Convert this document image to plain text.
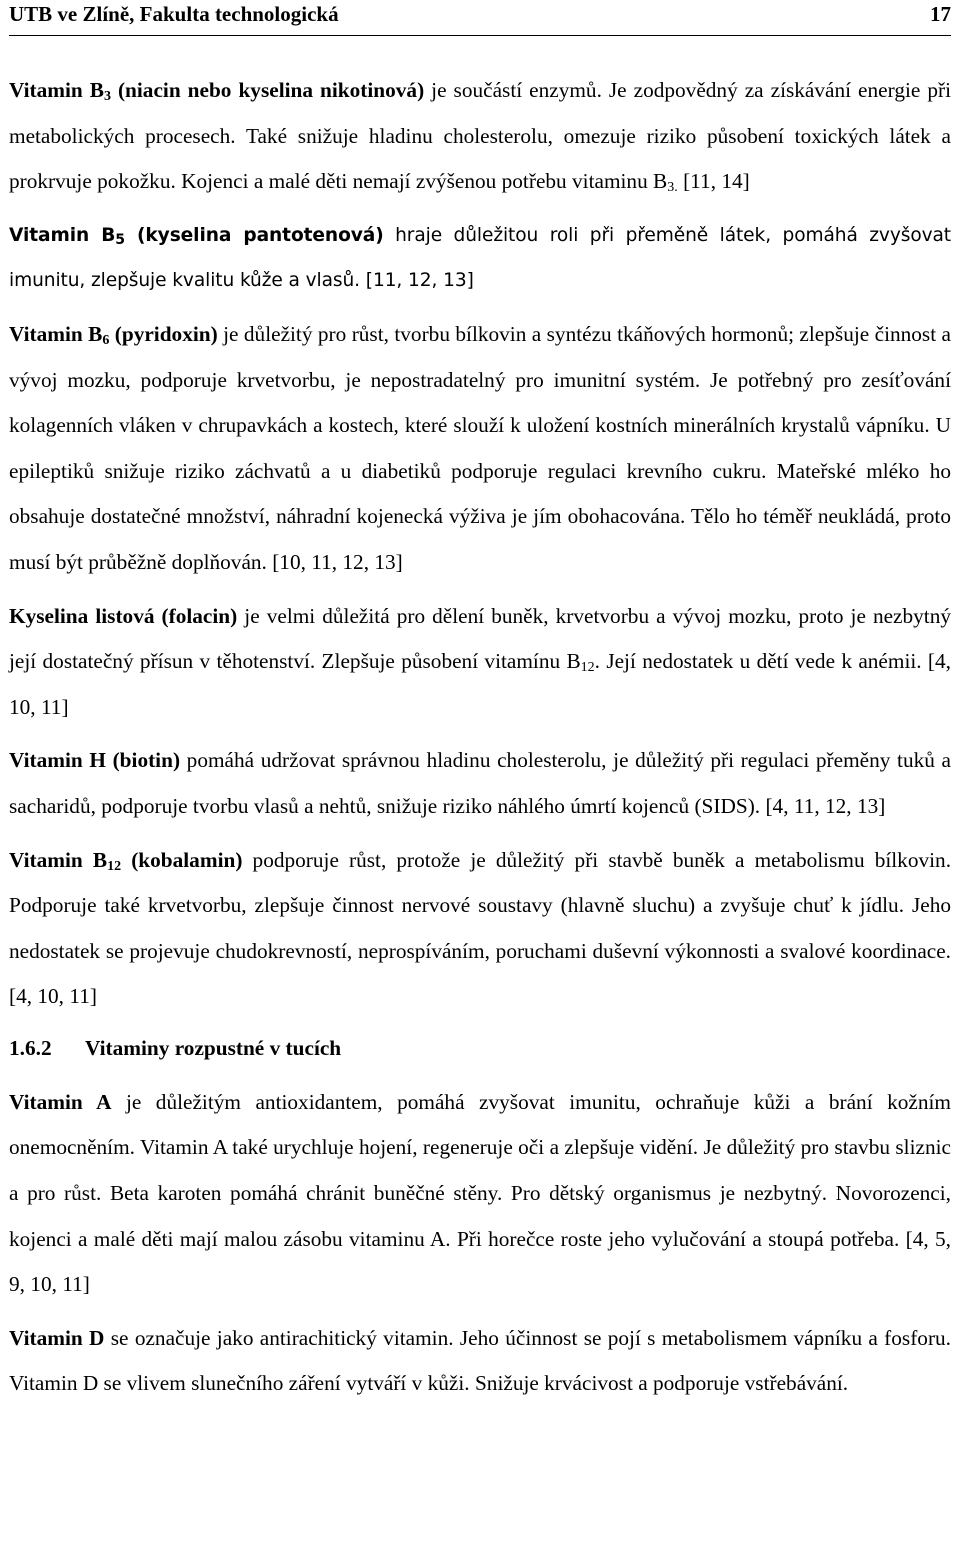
UTB ve Zlíně, Fakulta technologická	17

Vitamin $B_3$ (niacin nebo kyselina nikotinová) je součástí enzymů. Je zodpovědný za získávání energie při metabolických procesech. Také snižuje hladinu cholesterolu, omezuje riziko působení toxických látek a prokrvuje pokožku. Kojenci a malé děti nemají zvýšenou potřebu vitaminu $B_{3.}$ [11, 14]

Vitamin $B_5$ (kyselina pantotenová) hraje důležitou roli při přeměně látek, pomáhá zvyšovat imunitu, zlepšuje kvalitu kůže a vlasů. [11, 12, 13]

Vitamin $B_6$ (pyridoxin) je důležitý pro růst, tvorbu bílkovin a syntézu tkáňových hormonů; zlepšuje činnost a vývoj mozku, podporuje krvetvorbu, je nepostradatelný pro imunitní systém. Je potřebný pro zesíťování kolagenních vláken v chrupavkách a kostech, které slouží k uložení kostních minerálních krystalů vápníku. U epileptiků snižuje riziko záchvatů a u diabetiků podporuje regulaci krevního cukru. Mateřské mléko ho obsahuje dostatečné množství, náhradní kojenecká výživa je jím obohacována. Tělo ho téměř neukládá, proto musí být průběžně doplňován. [10, 11, 12, 13]

Kyselina listová (folacin) je velmi důležitá pro dělení buněk, krvetvorbu a vývoj mozku, proto je nezbytný její dostatečný přísun v těhotenství. Zlepšuje působení vitamínu $B_{12}$. Její nedostatek u dětí vede k anémii. [4, 10, 11]

Vitamin H (biotin) pomáhá udržovat správnou hladinu cholesterolu, je důležitý při regulaci přeměny tuků a sacharidů, podporuje tvorbu vlasů a nehtů, snižuje riziko náhlého úmrtí kojenců (SIDS). [4, 11, 12, 13]

Vitamin $B_{12}$ (kobalamin) podporuje růst, protože je důležitý při stavbě buněk a metabolismu bílkovin. Podporuje také krvetvorbu, zlepšuje činnost nervové soustavy (hlavně sluchu) a zvyšuje chuť k jídlu. Jeho nedostatek se projevuje chudokrevností, neprospíváním, poruchami duševní výkonnosti a svalové koordinace. [4, 10, 11]

1.6.2 Vitaminy rozpustné v tucích

Vitamin A je důležitým antioxidantem, pomáhá zvyšovat imunitu, ochraňuje kůži a brání kožním onemocněním. Vitamin A také urychluje hojení, regeneruje oči a zlepšuje vidění. Je důležitý pro stavbu sliznic a pro růst. Beta karoten pomáhá chránit buněčné stěny. Pro dětský organismus je nezbytný. Novorozenci, kojenci a malé děti mají malou zásobu vitaminu A. Při horečce roste jeho vylučování a stoupá potřeba. [4, 5, 9, 10, 11]

Vitamin D se označuje jako antirachitický vitamin. Jeho účinnost se pojí s metabolismem vápníku a fosforu. Vitamin D se vlivem slunečního záření vytváří v kůži. Snižuje krvácivost a podporuje vstřebávání.
